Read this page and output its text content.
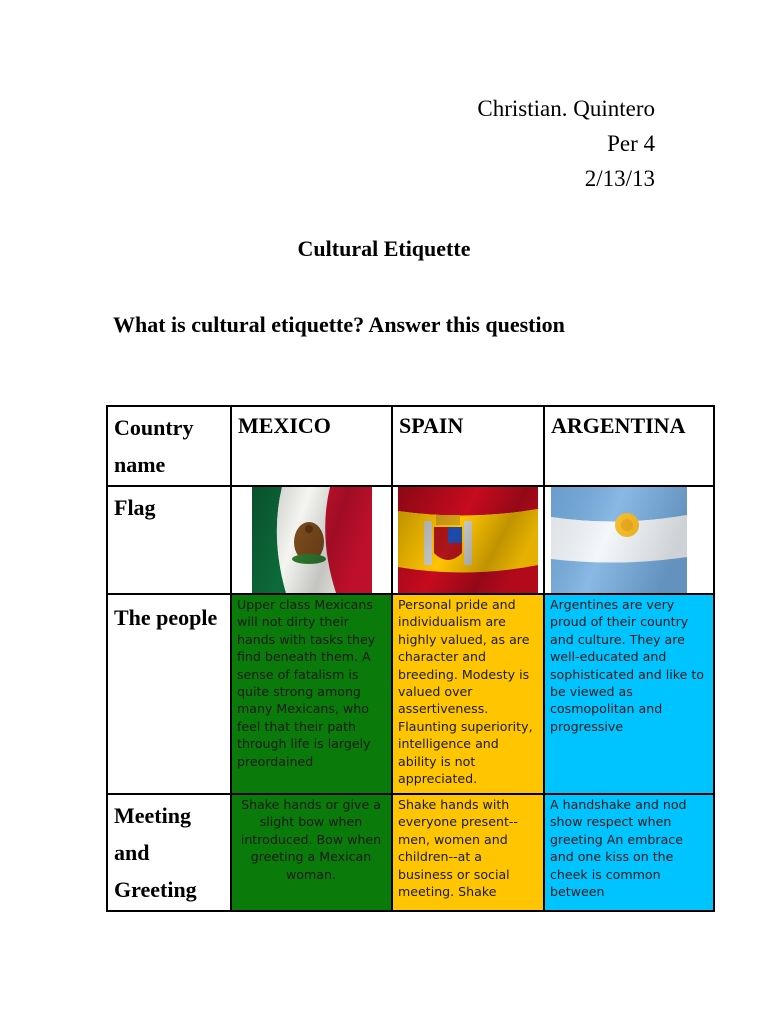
Christian. Quintero
Per 4
2/13/13
Cultural Etiquette
What is cultural etiquette? Answer this question
Country name	MEXICO	SPAIN	ARGENTINA
Flag	

The people	Upper class Mexicans will not dirty their hands with tasks they find beneath them. A sense of fatalism is quite strong among many Mexicans, who feel that their path through life is largely preordained	Personal pride and individualism are highly valued, as are character and breeding. Modesty is valued over assertiveness. Flaunting superiority, intelligence and ability is not appreciated.	Argentines are very proud of their country and culture. They are well-educated and sophisticated and like to be viewed as cosmopolitan and progressive
Meeting and Greeting	Shake hands or give a slight bow when introduced. Bow when greeting a Mexican woman.	Shake hands with everyone present--men, women and children--at a business or social meeting. Shake	A handshake and nod show respect when greeting An embrace and one kiss on the cheek is common between
